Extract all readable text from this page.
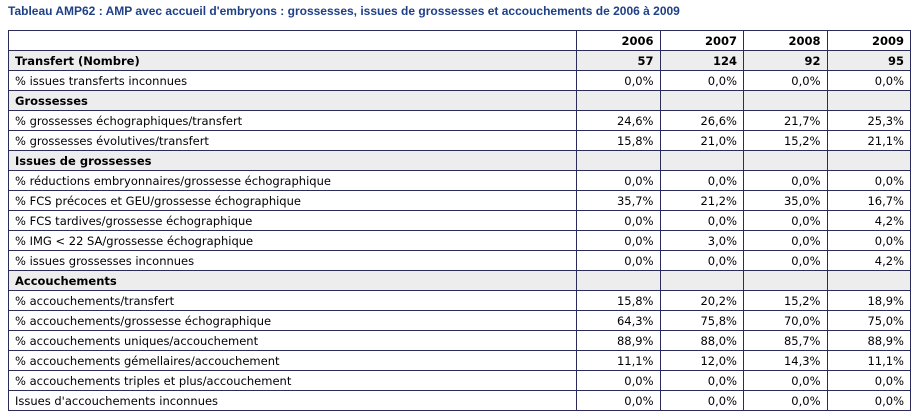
Tableau AMP62 : AMP avec accueil d'embryons : grossesses, issues de grossesses et accouchements de 2006 à 2009
	2006	2007	2008	2009
Transfert (Nombre)	57	124	92	95
% issues transferts inconnues	0,0%	0,0%	0,0%	0,0%
Grossesses				
% grossesses échographiques/transfert	24,6%	26,6%	21,7%	25,3%
% grossesses évolutives/transfert	15,8%	21,0%	15,2%	21,1%
Issues de grossesses				
% réductions embryonnaires/grossesse échographique	0,0%	0,0%	0,0%	0,0%
% FCS précoces et GEU/grossesse échographique	35,7%	21,2%	35,0%	16,7%
% FCS tardives/grossesse échographique	0,0%	0,0%	0,0%	4,2%
% IMG < 22 SA/grossesse échographique	0,0%	3,0%	0,0%	0,0%
% issues grossesses inconnues	0,0%	0,0%	0,0%	4,2%
Accouchements				
% accouchements/transfert	15,8%	20,2%	15,2%	18,9%
% accouchements/grossesse échographique	64,3%	75,8%	70,0%	75,0%
% accouchements uniques/accouchement	88,9%	88,0%	85,7%	88,9%
% accouchements gémellaires/accouchement	11,1%	12,0%	14,3%	11,1%
% accouchements triples et plus/accouchement	0,0%	0,0%	0,0%	0,0%
Issues d'accouchements inconnues	0,0%	0,0%	0,0%	0,0%
